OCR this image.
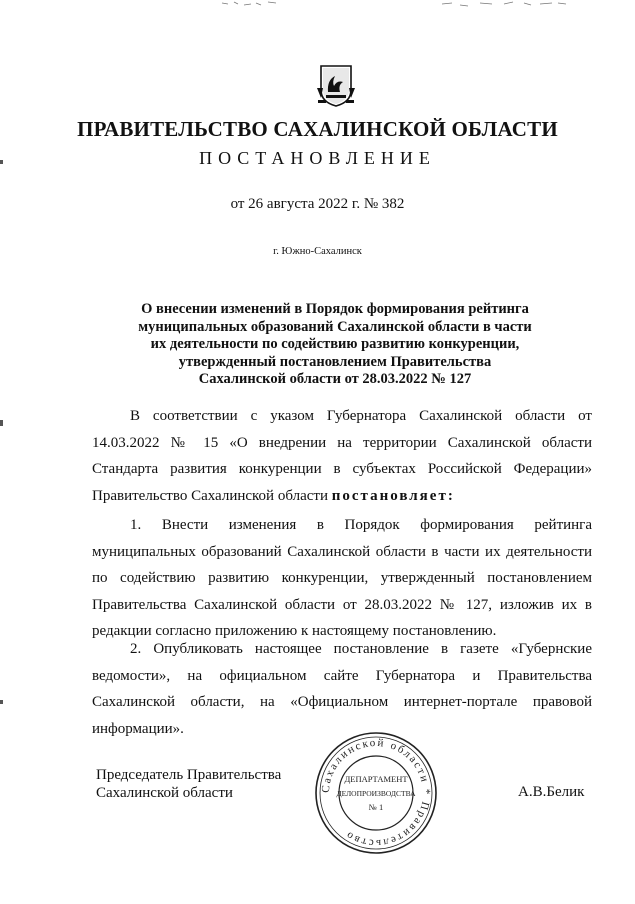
ПРАВИТЕЛЬСТВО САХАЛИНСКОЙ ОБЛАСТИ
ПОСТАНОВЛЕНИЕ
от 26 августа 2022 г. № 382
г. Южно-Сахалинск
О внесении изменений в Порядок формирования рейтинга
муниципальных образований Сахалинской области в части
их деятельности по содействию развитию конкуренции,
утвержденный постановлением Правительства
Сахалинской области от 28.03.2022 № 127

В соответствии с указом Губернатора Сахалинской области от 14.03.2022 № 15 «О внедрении на территории Сахалинской области Стандарта развития конкуренции в субъектах Российской Федерации» Правительство Сахалинской области постановляет:

1. Внести изменения в Порядок формирования рейтинга муниципальных образований Сахалинской области в части их деятельности по содействию развитию конкуренции, утвержденный постановлением Правительства Сахалинской области от 28.03.2022 № 127, изложив их в редакции согласно приложению к настоящему постановлению.

2. Опубликовать настоящее постановление в газете «Губернские ведомости», на официальном сайте Губернатора и Правительства Сахалинской области, на «Официальном интернет-портале правовой информации».

Председатель Правительства
Сахалинской области	А.В.Белик
Сахалинской области * Правительство
ДЕПАРТАМЕНТ
ДЕЛОПРОИЗВОДСТВА
№ 1
